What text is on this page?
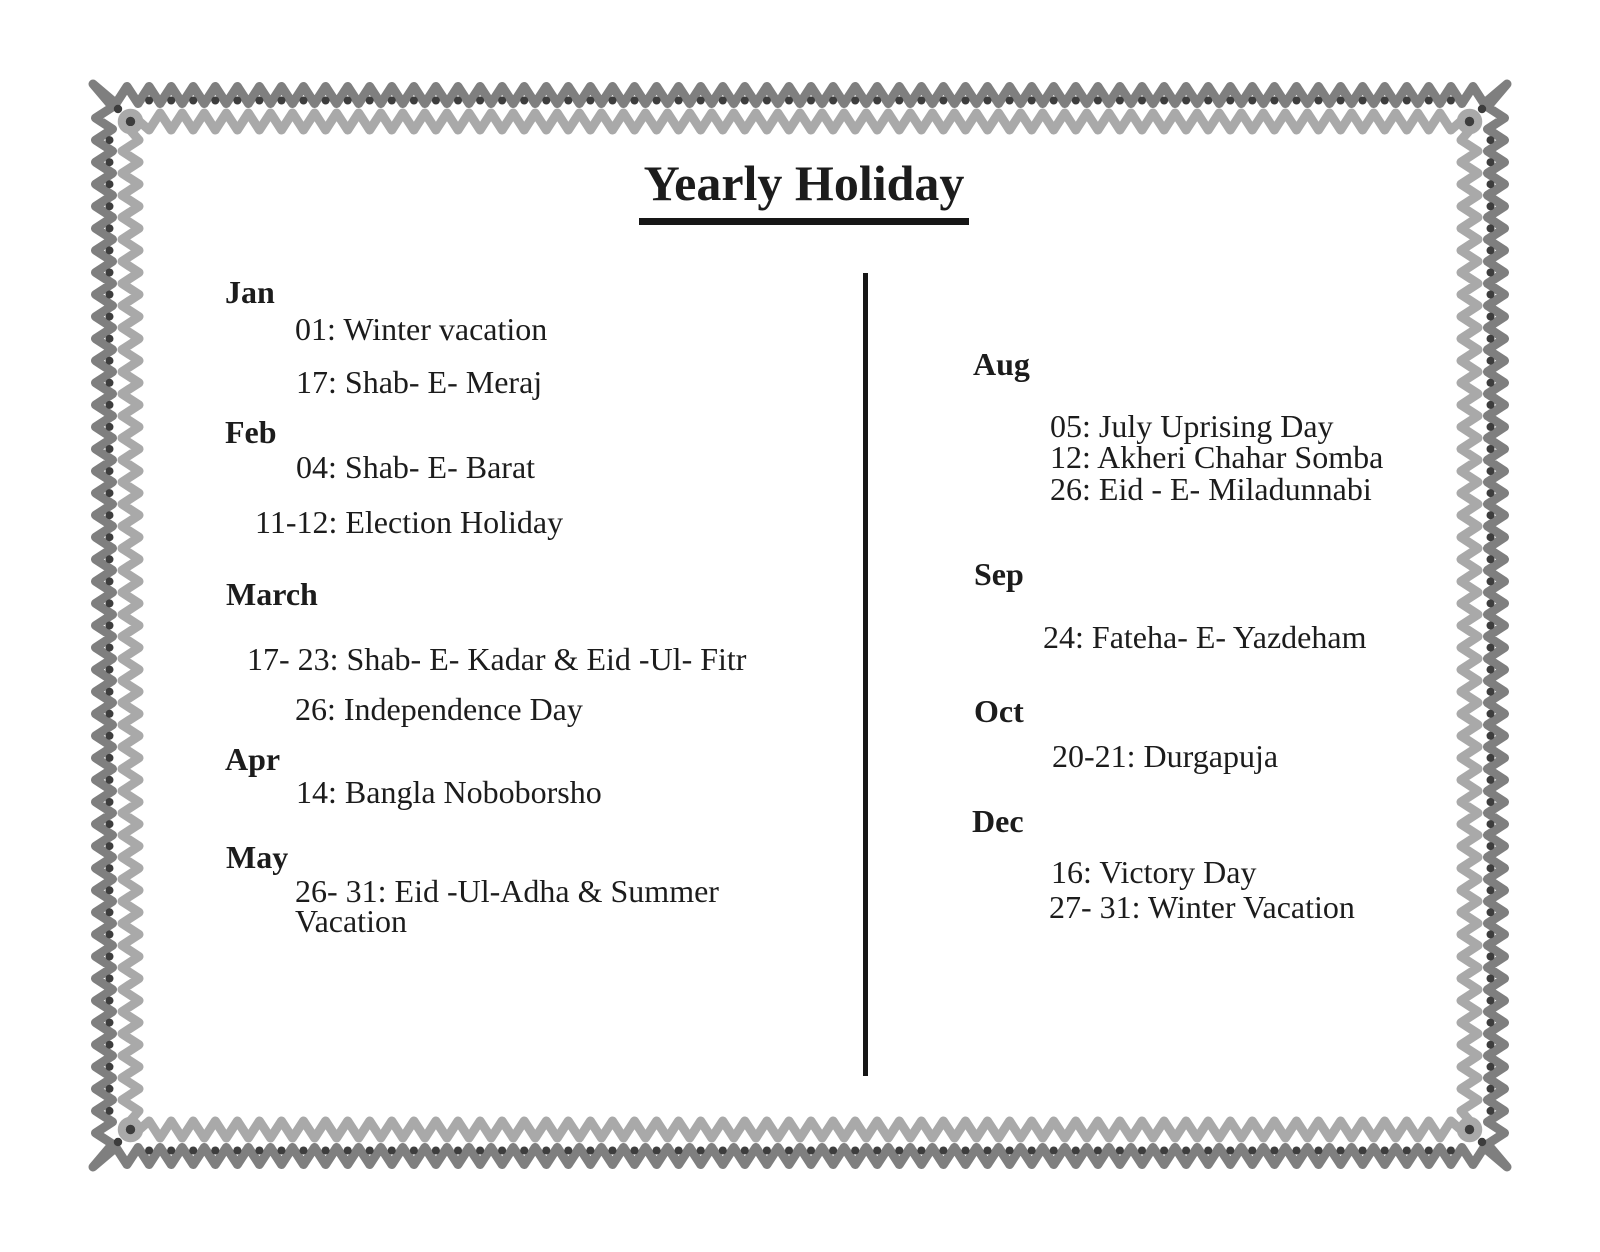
Yearly Holiday
Jan
01: Winter vacation
17: Shab- E- Meraj
Feb
04: Shab- E- Barat
11-12: Election Holiday
March
17- 23: Shab- E- Kadar & Eid -Ul- Fitr
26: Independence Day
Apr
14: Bangla Noboborsho
May
26- 31: Eid -Ul-Adha & Summer Vacation
Aug
05: July Uprising Day
12: Akheri Chahar Somba
26: Eid - E- Miladunnabi
Sep
24: Fateha- E- Yazdeham
Oct
20-21: Durgapuja
Dec
16: Victory Day
27- 31: Winter Vacation
